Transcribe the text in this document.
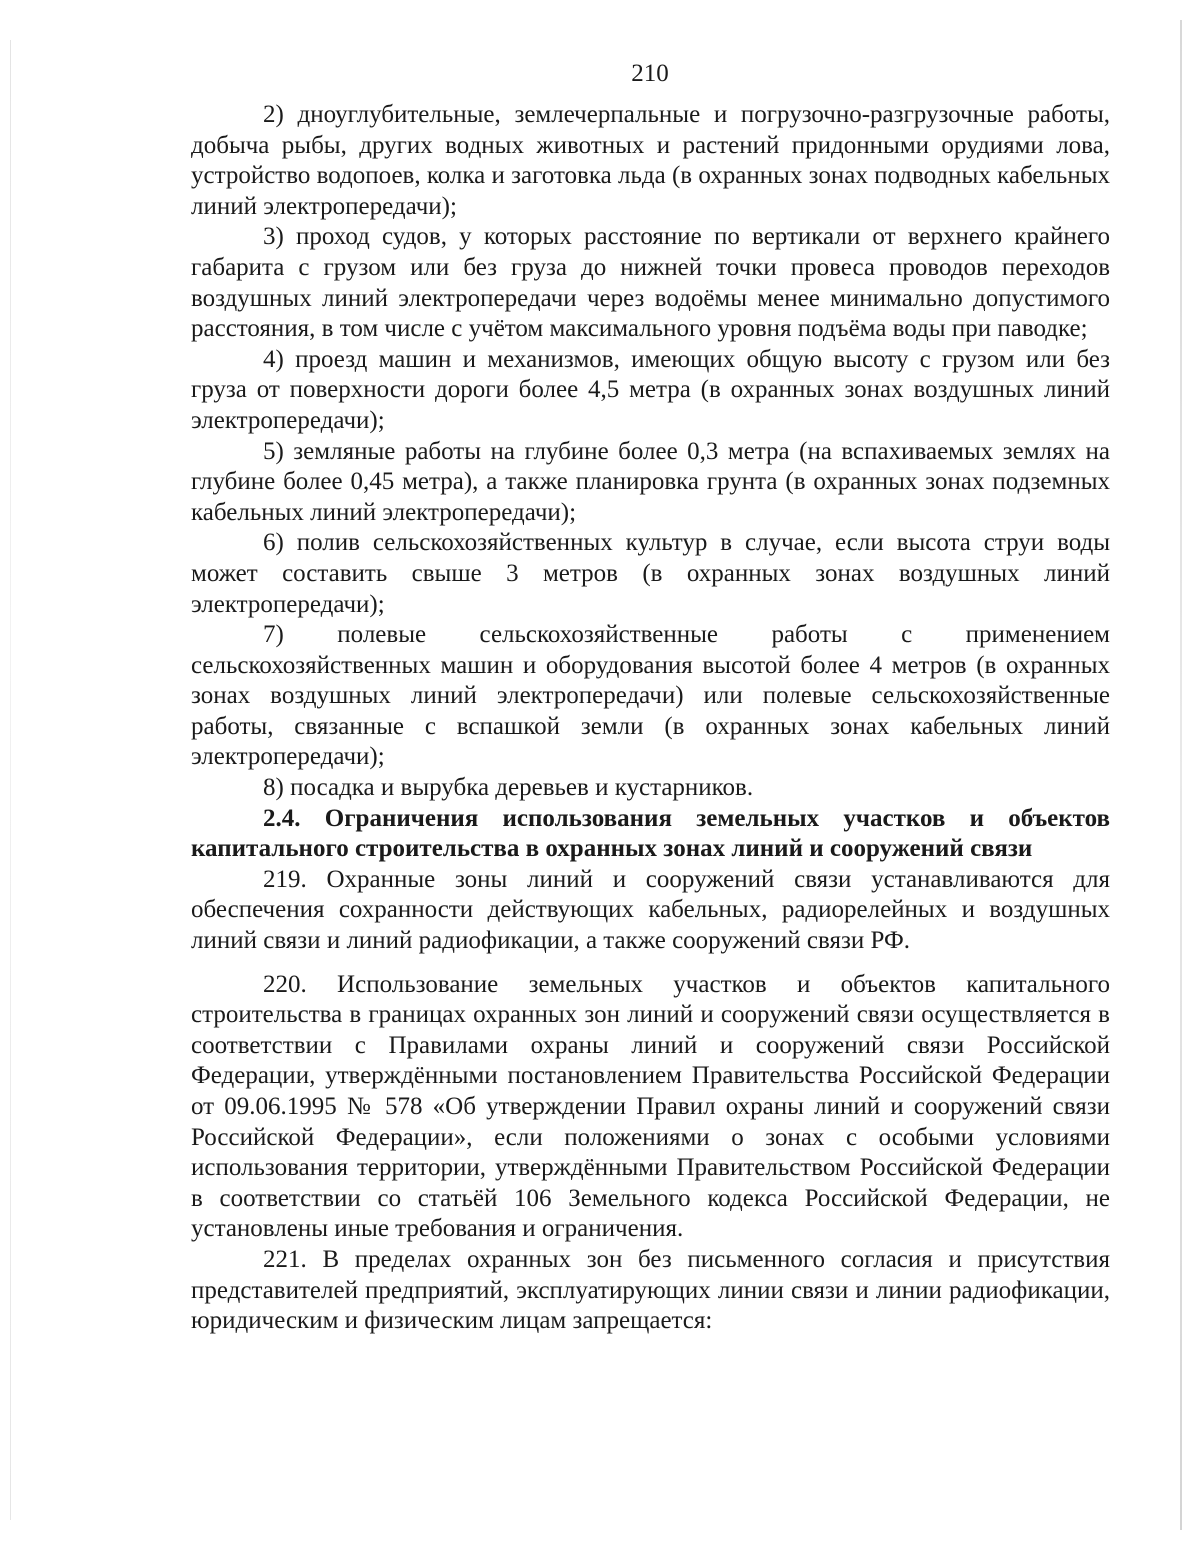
210

2) дноуглубительные, землечерпальные и погрузочно-разгрузочные работы, добыча рыбы, других водных животных и растений придонными орудиями лова, устройство водопоев, колка и заготовка льда (в охранных зонах подводных кабельных линий электропередачи);

3) проход судов, у которых расстояние по вертикали от верхнего крайнего габарита с грузом или без груза до нижней точки провеса проводов переходов воздушных линий электропередачи через водоёмы менее минимально допустимого расстояния, в том числе с учётом максимального уровня подъёма воды при паводке;

4) проезд машин и механизмов, имеющих общую высоту с грузом или без груза от поверхности дороги более 4,5 метра (в охранных зонах воздушных линий электропередачи);

5) земляные работы на глубине более 0,3 метра (на вспахиваемых землях на глубине более 0,45 метра), а также планировка грунта (в охранных зонах подземных кабельных линий электропередачи);

6) полив сельскохозяйственных культур в случае, если высота струи воды может составить свыше 3 метров (в охранных зонах воздушных линий электропередачи);

7) полевые сельскохозяйственные работы с применением сельскохозяйственных машин и оборудования высотой более 4 метров (в охранных зонах воздушных линий электропередачи) или полевые сельскохозяйственные работы, связанные с вспашкой земли (в охранных зонах кабельных линий электропередачи);

8) посадка и вырубка деревьев и кустарников.

2.4. Ограничения использования земельных участков и объектов капитального строительства в охранных зонах линий и сооружений связи

219. Охранные зоны линий и сооружений связи устанавливаются для обеспечения сохранности действующих кабельных, радиорелейных и воздушных линий связи и линий радиофикации, а также сооружений связи РФ.

220. Использование земельных участков и объектов капитального строительства в границах охранных зон линий и сооружений связи осуществляется в соответствии с Правилами охраны линий и сооружений связи Российской Федерации, утверждёнными постановлением Правительства Российской Федерации от 09.06.1995 № 578 «Об утверждении Правил охраны линий и сооружений связи Российской Федерации», если положениями о зонах с особыми условиями использования территории, утверждёнными Правительством Российской Федерации в соответствии со статьёй 106 Земельного кодекса Российской Федерации, не установлены иные требования и ограничения.

221. В пределах охранных зон без письменного согласия и присутствия представителей предприятий, эксплуатирующих линии связи и линии радиофикации, юридическим и физическим лицам запрещается:
